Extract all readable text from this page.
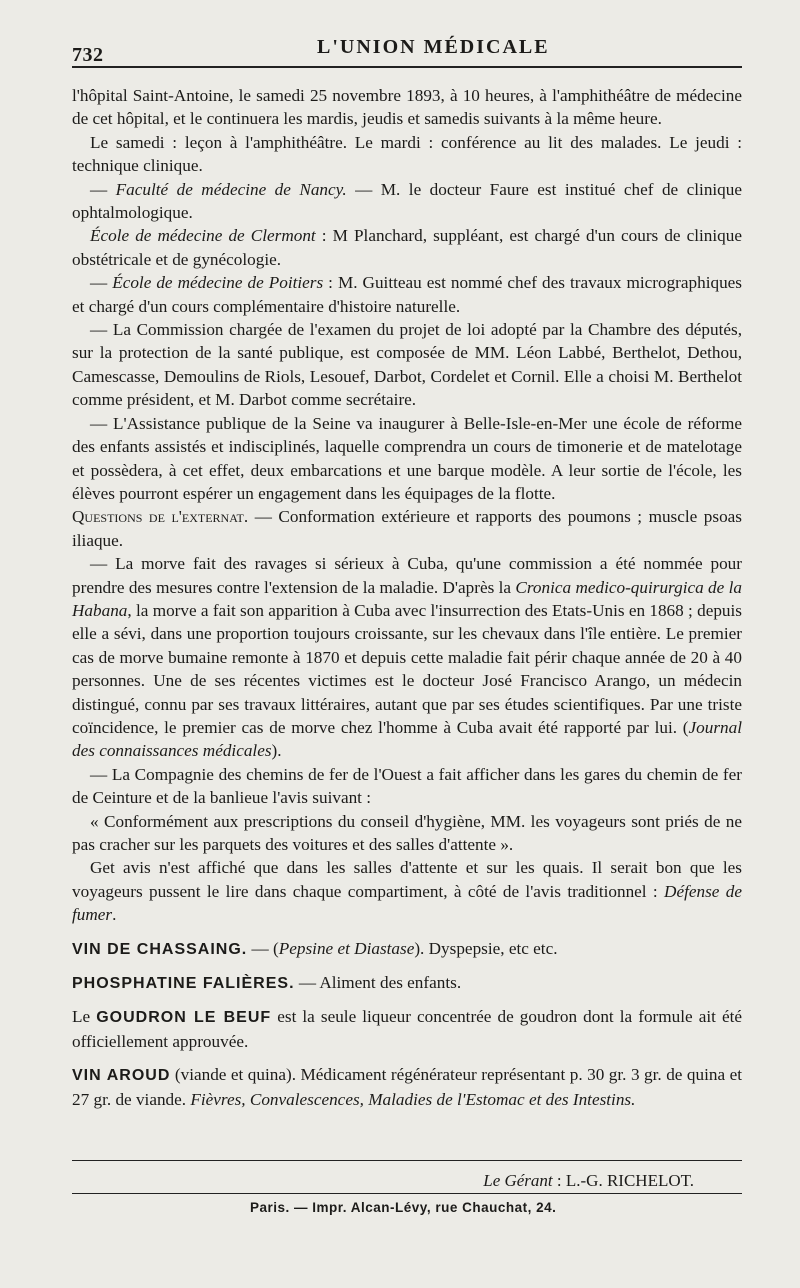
732	L'UNION MÉDICALE

l'hôpital Saint-Antoine, le samedi 25 novembre 1893, à 10 heures, à l'amphithéâtre de médecine de cet hôpital, et le continuera les mardis, jeudis et samedis suivants à la même heure.

Le samedi : leçon à l'amphithéâtre. Le mardi : conférence au lit des malades. Le jeudi : technique clinique.

— Faculté de médecine de Nancy. — M. le docteur Faure est institué chef de clinique ophtalmologique.

École de médecine de Clermont : M Planchard, suppléant, est chargé d'un cours de clinique obstétricale et de gynécologie.

— École de médecine de Poitiers : M. Guitteau est nommé chef des travaux micrographiques et chargé d'un cours complémentaire d'histoire naturelle.

— La Commission chargée de l'examen du projet de loi adopté par la Chambre des députés, sur la protection de la santé publique, est composée de MM. Léon Labbé, Berthelot, Dethou, Camescasse, Demoulins de Riols, Lesouef, Darbot, Cordelet et Cornil. Elle a choisi M. Berthelot comme président, et M. Darbot comme secrétaire.

— L'Assistance publique de la Seine va inaugurer à Belle-Isle-en-Mer une école de réforme des enfants assistés et indisciplinés, laquelle comprendra un cours de timonerie et de matelotage et possèdera, à cet effet, deux embarcations et une barque modèle. A leur sortie de l'école, les élèves pourront espérer un engagement dans les équipages de la flotte.

Questions de l'externat. — Conformation extérieure et rapports des poumons ; muscle psoas iliaque.

— La morve fait des ravages si sérieux à Cuba, qu'une commission a été nommée pour prendre des mesures contre l'extension de la maladie. D'après la Cronica medico-quirurgica de la Habana, la morve a fait son apparition à Cuba avec l'insurrection des Etats-Unis en 1868 ; depuis elle a sévi, dans une proportion toujours croissante, sur les chevaux dans l'île entière. Le premier cas de morve bumaine remonte à 1870 et depuis cette maladie fait périr chaque année de 20 à 40 personnes. Une de ses récentes victimes est le docteur José Francisco Arango, un médecin distingué, connu par ses travaux littéraires, autant que par ses études scientifiques. Par une triste coïncidence, le premier cas de morve chez l'homme à Cuba avait été rapporté par lui. (Journal des connaissances médicales).

— La Compagnie des chemins de fer de l'Ouest a fait afficher dans les gares du chemin de fer de Ceinture et de la banlieue l'avis suivant :

« Conformément aux prescriptions du conseil d'hygiène, MM. les voyageurs sont priés de ne pas cracher sur les parquets des voitures et des salles d'attente ».

Get avis n'est affiché que dans les salles d'attente et sur les quais. Il serait bon que les voyageurs pussent le lire dans chaque compartiment, à côté de l'avis traditionnel : Défense de fumer.

VIN DE CHASSAING. — (Pepsine et Diastase). Dyspepsie, etc etc.

PHOSPHATINE FALIÈRES. — Aliment des enfants.

Le GOUDRON LE BEUF est la seule liqueur concentrée de goudron dont la formule ait été officiellement approuvée.

VIN AROUD (viande et quina). Médicament régénérateur représentant p. 30 gr. 3 gr. de quina et 27 gr. de viande. Fièvres, Convalescences, Maladies de l'Estomac et des Intestins.

Le Gérant : L.-G. RICHELOT.
Paris. — Impr. Alcan-Lévy, rue Chauchat, 24.
